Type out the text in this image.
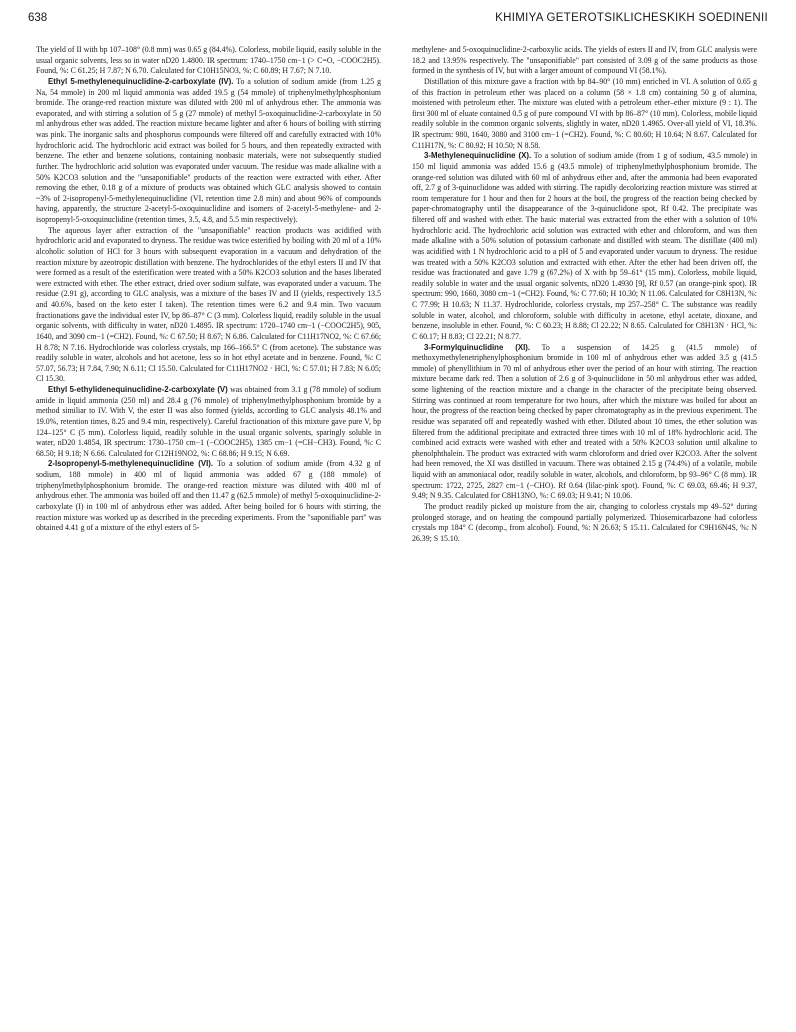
638	KHIMIYA GETEROTSIKLICHESKIKH SOEDINENII

The yield of II with bp 107–108° (0.8 mm) was 0.65 g (84.4%). Colorless, mobile liquid, easily soluble in the usual organic solvents, less so in water nD20 1.4800. IR spectrum: 1740–1750 cm−1 (> C=O, −COOC2H5). Found, %: C 61.25; H 7.87; N 6.70. Calculated for C10H15NO3, %: C 60.89; H 7.67; N 7.10.

Ethyl 5-methylenequinuclidine-2-carboxylate (IV). To a solution of sodium amide (from 1.25 g Na, 54 mmole) in 200 ml liquid ammonia was added 19.5 g (54 mmole) of triphenylmethylphosphonium bromide. The orange-red reaction mixture was diluted with 200 ml of anhydrous ether. The ammonia was evaporated, and with stirring a solution of 5 g (27 mmole) of methyl 5-oxoquinuclidine-2-carboxylate in 50 ml anhydrous ether was added. The reaction mixture became lighter and after 6 hours of boiling with stirring was pink. The inorganic salts and phosphorus compounds were filtered off and carefully extracted with 10% hydrochloric acid. The hydrochloric acid extract was boiled for 5 hours, and then repeatedly extracted with benzene. The ether and benzene solutions, containing nonbasic materials, were not subsequently studied further. The hydrochloric acid solution was evaporated under vacuum. The residue was made alkaline with a 50% K2CO3 solution and the "unsaponifiable" products of the reaction were extracted with ether. After removing the ether, 0.18 g of a mixture of products was obtained which GLC analysis showed to contain ~3% of 2-isopropenyl-5-methylenequinuclidine (VI, retention time 2.8 min) and about 96% of compounds having, apparently, the structure 2-acetyl-5-oxoquinuclidine and isomers of 2-acetyl-5-methylene- and 2-isopropenyl-5-oxoquinuclidine (retention times, 3.5, 4.8, and 5.5 min respectively).

The aqueous layer after extraction of the "unsaponifiable" reaction products was acidified with hydrochloric acid and evaporated to dryness. The residue was twice esterified by boiling with 20 ml of a 10% alcoholic solution of HCl for 3 hours with subsequent evaporation in a vacuum and dehydration of the reaction mixture by azeotropic distillation with benzene. The hydrochlorides of the ethyl esters II and IV that were formed as a result of the esterification were treated with a 50% K2CO3 solution and the bases liberated were extracted with ether. The ether extract, dried over sodium sulfate, was evaporated under a vacuum. The residue (2.91 g), according to GLC analysis, was a mixture of the bases IV and II (yields, respectively 13.5 and 40.6%, based on the keto ester I taken). The retention times were 6.2 and 9.4 min. Two vacuum fractionations gave the individual ester IV, bp 86–87° C (3 mm). Colorless liquid, readily soluble in the usual organic solvents, with difficulty in water, nD20 1.4895. IR spectrum: 1720–1740 cm−1 (−COOC2H5), 905, 1640, and 3090 cm−1 (=CH2). Found, %: C 67.50; H 8.67; N 6.86. Calculated for C11H17NO2, %: C 67.66; H 8.78; N 7.16. Hydrochloride was colorless crystals, mp 166–166.5° C (from acetone). The substance was readily soluble in water, alcohols and hot acetone, less so in hot ethyl acetate and in benzene. Found, %: C 57.07, 56.73; H 7.84, 7.90; N 6.11; Cl 15.50. Calculated for C11H17NO2 · HCl, %: C 57.01; H 7.83; N 6.05; Cl 15.30.

Ethyl 5-ethylidenequinuclidine-2-carboxylate (V) was obtained from 3.1 g (78 mmole) of sodium amide in liquid ammonia (250 ml) and 28.4 g (76 mmole) of triphenylmethylphosphonium bromide by a method similiar to IV. With V, the ester II was also formed (yields, according to GLC analysis 48.1% and 19.0%, retention times, 8.25 and 9.4 min, respectively). Careful fractionation of this mixture gave pure V, bp 124–125° C (5 mm). Colorless liquid, readily soluble in the usual organic solvents, sparingly soluble in water, nD20 1.4854, IR spectrum: 1730–1750 cm−1 (−COOC2H5), 1385 cm−1 (=CH−CH3). Found, %: C 68.50; H 9.18; N 6.66. Calculated for C12H19NO2, %: C 68.86; H 9.15; N 6.69.

2-Isopropenyl-5-methylenequinuclidine (VI). To a solution of sodium amide (from 4.32 g of sodium, 188 mmole) in 400 ml of liquid ammonia was added 67 g (188 mmole) of triphenylmethylphosphonium bromide. The orange-red reaction mixture was diluted with 400 ml of anhydrous ether. The ammonia was boiled off and then 11.47 g (62.5 mmole) of methyl 5-oxoquinuclidine-2-carboxylate (I) in 100 ml of anhydrous ether was added. After being boiled for 6 hours with stirring, the reaction mixture was worked up as described in the preceding experiments. From the "saponifiable part" was obtained 4.41 g of a mixture of the ethyl esters of 5-

methylene- and 5-oxoquinuclidine-2-carboxylic acids. The yields of esters II and IV, from GLC analysis were 18.2 and 13.95% respectively. The "unsaponifiable" part consisted of 3.09 g of the same products as those formed in the synthesis of IV, but with a larger amount of compound VI (58.1%).

Distillation of this mixture gave a fraction with bp 84–90° (10 mm) enriched in VI. A solution of 0.65 g of this fraction in petroleum ether was placed on a column (58 × 1.8 cm) containing 50 g of alumina, moistened with petroleum ether. The mixture was eluted with a petroleum ether–ether mixture (9 : 1). The first 300 ml of eluate contained 0.5 g of pure compound VI with bp 86–87° (10 mm). Colorless, mobile liquid readily soluble in the common organic solvents, slightly in water, nD20 1.4965. Over-all yield of VI, 18.3%. IR spectrum: 980, 1640, 3080 and 3100 cm−1 (=CH2). Found, %: C 80.60; H 10.64; N 8.67. Calculated for C11H17N, %: C 80.92; H 10.50; N 8.58.

3-Methylenequinuclidine (X). To a solution of sodium amide (from 1 g of sodium, 43.5 mmole) in 150 ml liquid ammonia was added 15.6 g (43.5 mmole) of triphenylmethylphosphonium bromide. The orange-red solution was diluted with 60 ml of anhydrous ether and, after the ammonia had been evaporated off, 2.7 g of 3-quinuclidone was added with stirring. The rapidly decolorizing reaction mixture was stirred at room temperature for 1 hour and then for 2 hours at the boil, the progress of the reaction being checked by paper-chromatography until the disappearance of the 3-quinuclidone spot, Rf 0.42. The precipitate was filtered off and washed with ether. The basic material was extracted from the ether with a solution of 10% hydrochloric acid. The hydrochloric acid solution was extracted with ether and chloroform, and was then made alkaline with a 50% solution of potassium carbonate and distilled with steam. The distillate (400 ml) was acidified with 1 N hydrochloric acid to a pH of 5 and evaporated under vacuum to dryness. The residue was treated with a 50% K2CO3 solution and extracted with ether. After the ether had been driven off, the residue was fractionated and gave 1.79 g (67.2%) of X with bp 59–61° (15 mm). Colorless, mobile liquid, readily soluble in water and the usual organic solvents, nD20 1.4930 [9], Rf 0.57 (an orange-pink spot). IR spectrum: 990, 1660, 3080 cm−1 (=CH2). Found, %: C 77.60; H 10.30; N 11.06. Calculated for C8H13N, %: C 77.99; H 10.63; N 11.37. Hydrochloride, colorless crystals, mp 257–258° C. The substance was readily soluble in water, alcohol, and chloroform, soluble with difficulty in acetone, ethyl acetate, dioxane, and benzene, insoluble in ether. Found, %: C 60.23; H 8.88; Cl 22.22; N 8.65. Calculated for C8H13N · HCl, %: C 60.17; H 8.83; Cl 22.21; N 8.77.

3-Formylquinuclidine (XI). To a suspension of 14.25 g (41.5 mmole) of methoxymethylenetriphenylphosphonium bromide in 100 ml of anhydrous ether was added 3.5 g (41.5 mmole) of phenyllithium in 70 ml of anhydrous ether over the period of an hour with stirring. The reaction mixture became dark red. Then a solution of 2.6 g of 3-quinuclidone in 50 ml anhydrous ether was added, some lightening of the reaction mixture and a change in the character of the precipitate being observed. Stirring was continued at room temperature for two hours, after which the mixture was boiled for about an hour, the progress of the reaction being checked by paper chromatography as in the previous experiment. The residue was separated off and repeatedly washed with ether. Diluted about 10 times, the ether solution was filtered from the additional precipitate and extracted three times with 10 ml of 18% hydrochloric acid. The combined acid extracts were washed with ether and treated with a 50% K2CO3 solution until alkaline to phenolphthalein. The product was extracted with warm chloroform and dried over K2CO3. After the solvent had been removed, the XI was distilled in vacuum. There was obtained 2.15 g (74.4%) of a volatile, mobile liquid with an ammoniacal odor, readily soluble in water, alcohols, and chloroform, bp 93–96° C (8 mm). IR spectrum: 1722, 2725, 2827 cm−1 (−CHO). Rf 0.64 (lilac-pink spot). Found, %: C 69.03, 69.46; H 9.37, 9.49; N 9.35. Calculated for C8H13NO, %: C 69.03; H 9.41; N 10.06.

The product readily picked up moisture from the air, changing to colorless crystals mp 49–52° during prolonged storage, and on heating the compound partially polymerized. Thiosemicarbazone had colorless crystals mp 184° C (decomp., from alcohol). Found, %: N 26.63; S 15.11. Calculated for C9H16N4S, %: N 26.39; S 15.10.
